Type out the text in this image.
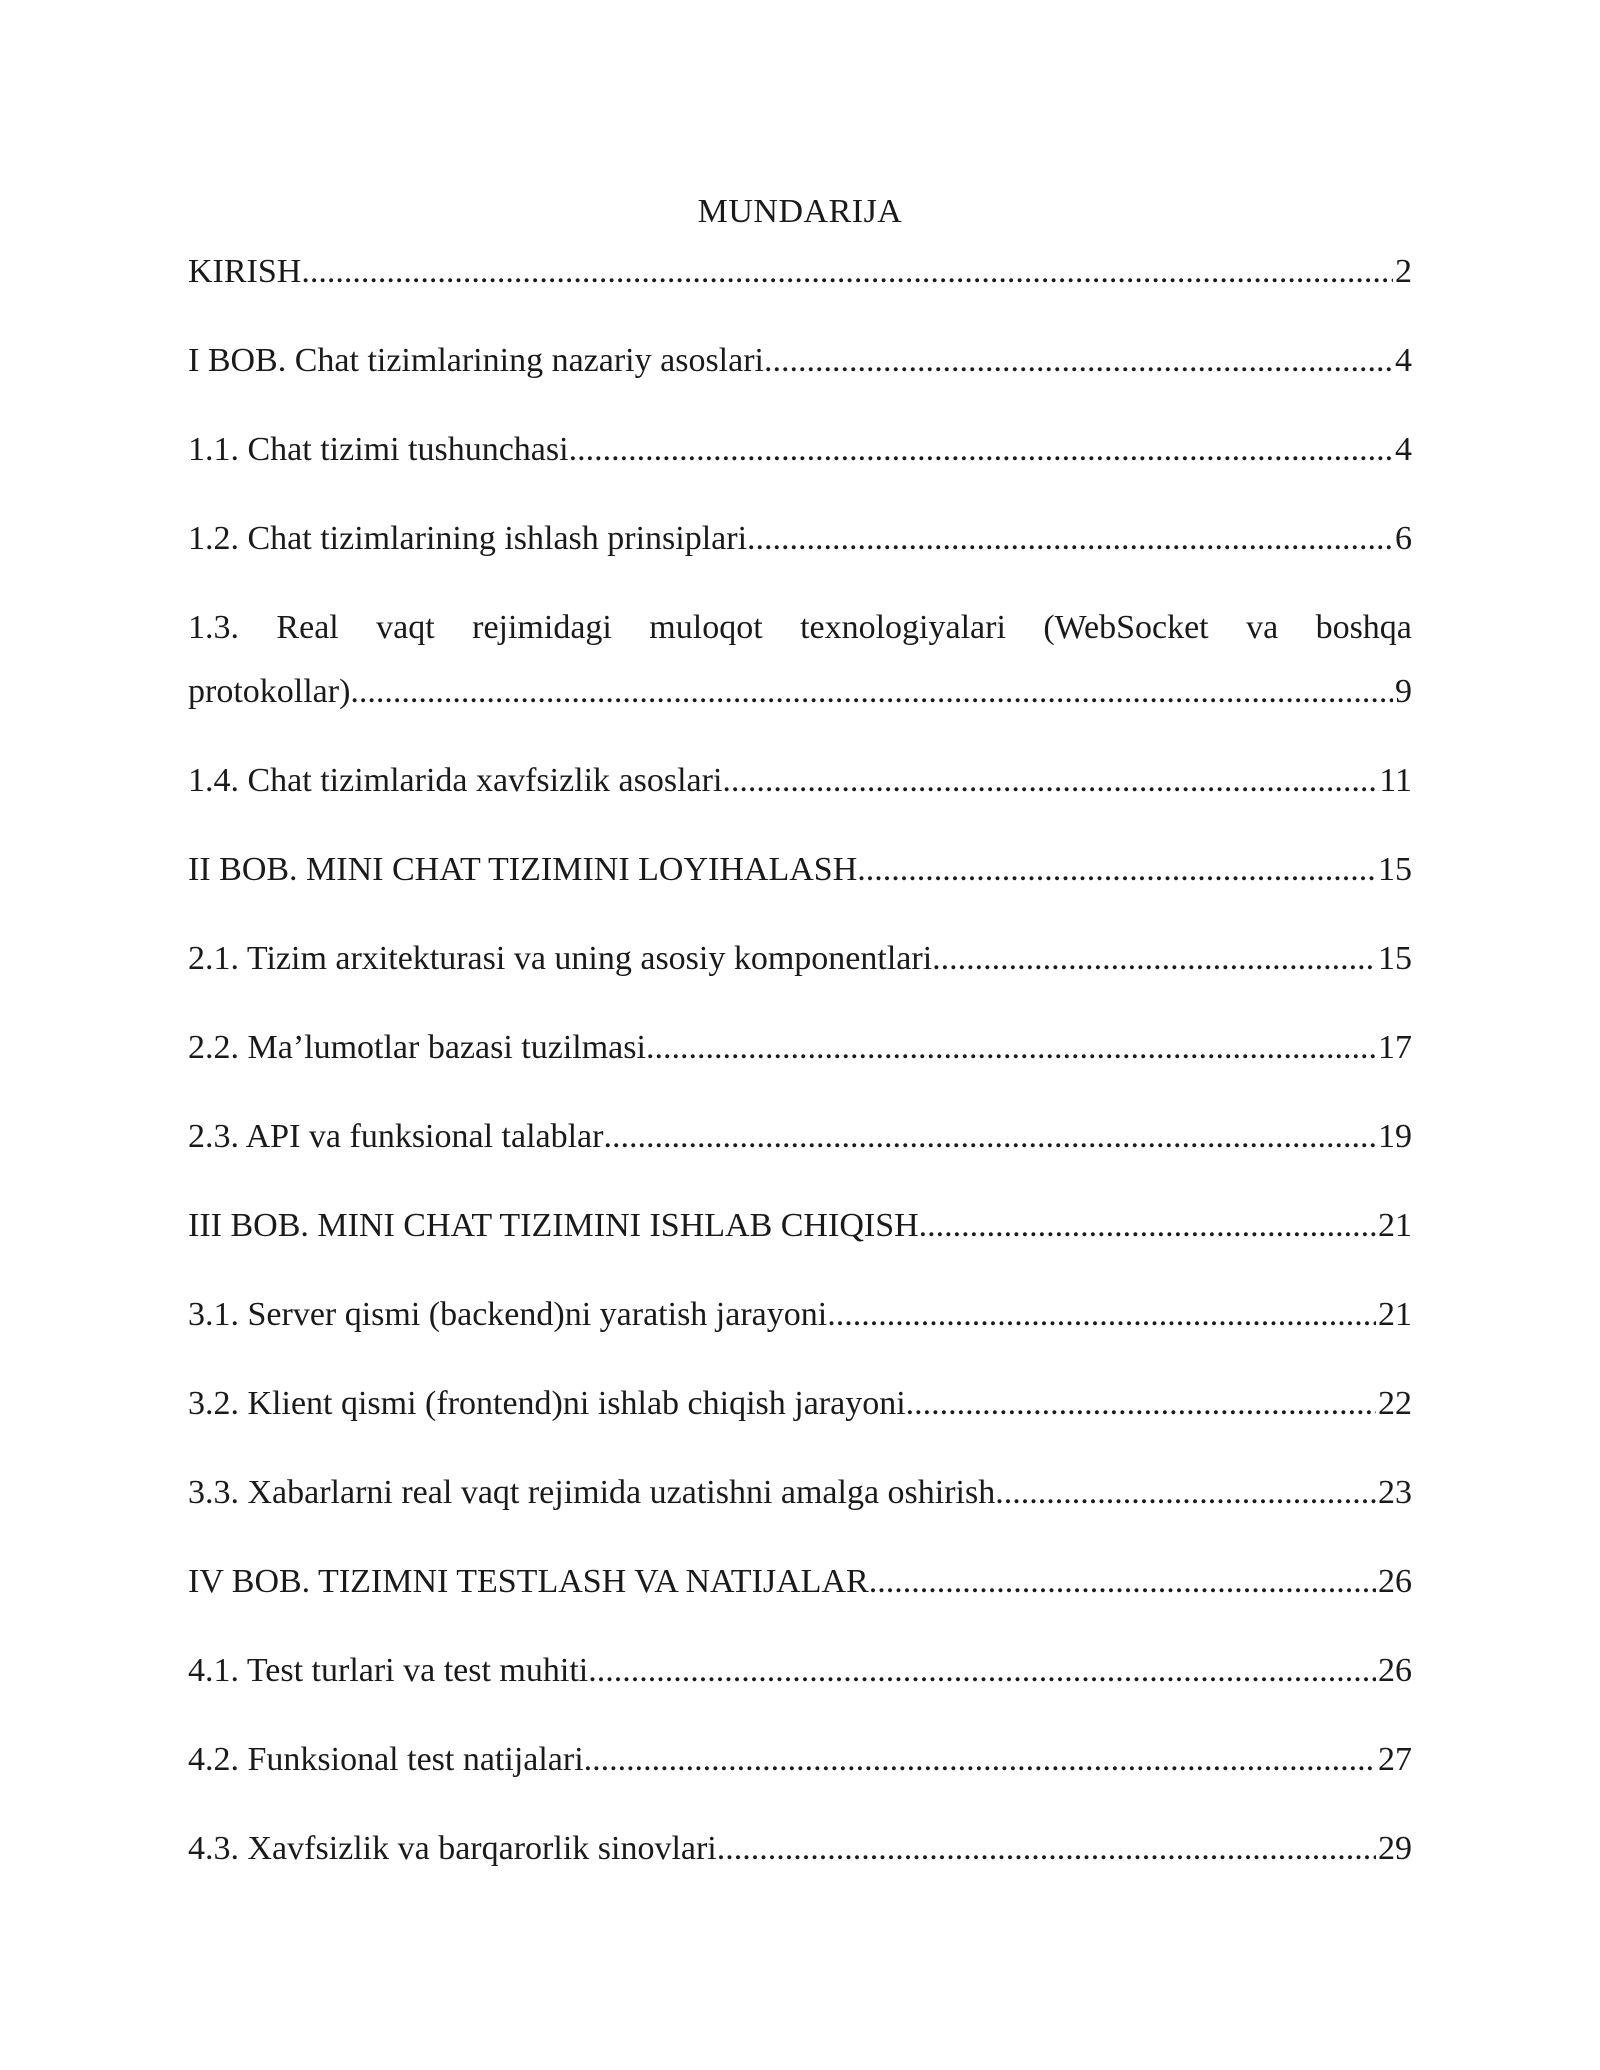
MUNDARIJA
KIRISH .....	2
I BOB. Chat tizimlarining nazariy asoslari .....	4
1.1. Chat tizimi tushunchasi .....	4
1.2. Chat tizimlarining ishlash prinsiplari .....	6
1.3. Real vaqt rejimidagi muloqot texnologiyalari (WebSocket va boshqa
protokollar) .....	9
1.4. Chat tizimlarida xavfsizlik asoslari .....	11
II BOB. MINI CHAT TIZIMINI LOYIHALASH .....	15
2.1. Tizim arxitekturasi va uning asosiy komponentlari .....	15
2.2. Ma’lumotlar bazasi tuzilmasi .....	17
2.3. API va funksional talablar .....	19
III BOB. MINI CHAT TIZIMINI ISHLAB CHIQISH .....	21
3.1. Server qismi (backend)ni yaratish jarayoni .....	21
3.2. Klient qismi (frontend)ni ishlab chiqish jarayoni .....	22
3.3. Xabarlarni real vaqt rejimida uzatishni amalga oshirish .....	23
IV BOB. TIZIMNI TESTLASH VA NATIJALAR .....	26
4.1. Test turlari va test muhiti .....	26
4.2. Funksional test natijalari .....	27
4.3. Xavfsizlik va barqarorlik sinovlari .....	29
